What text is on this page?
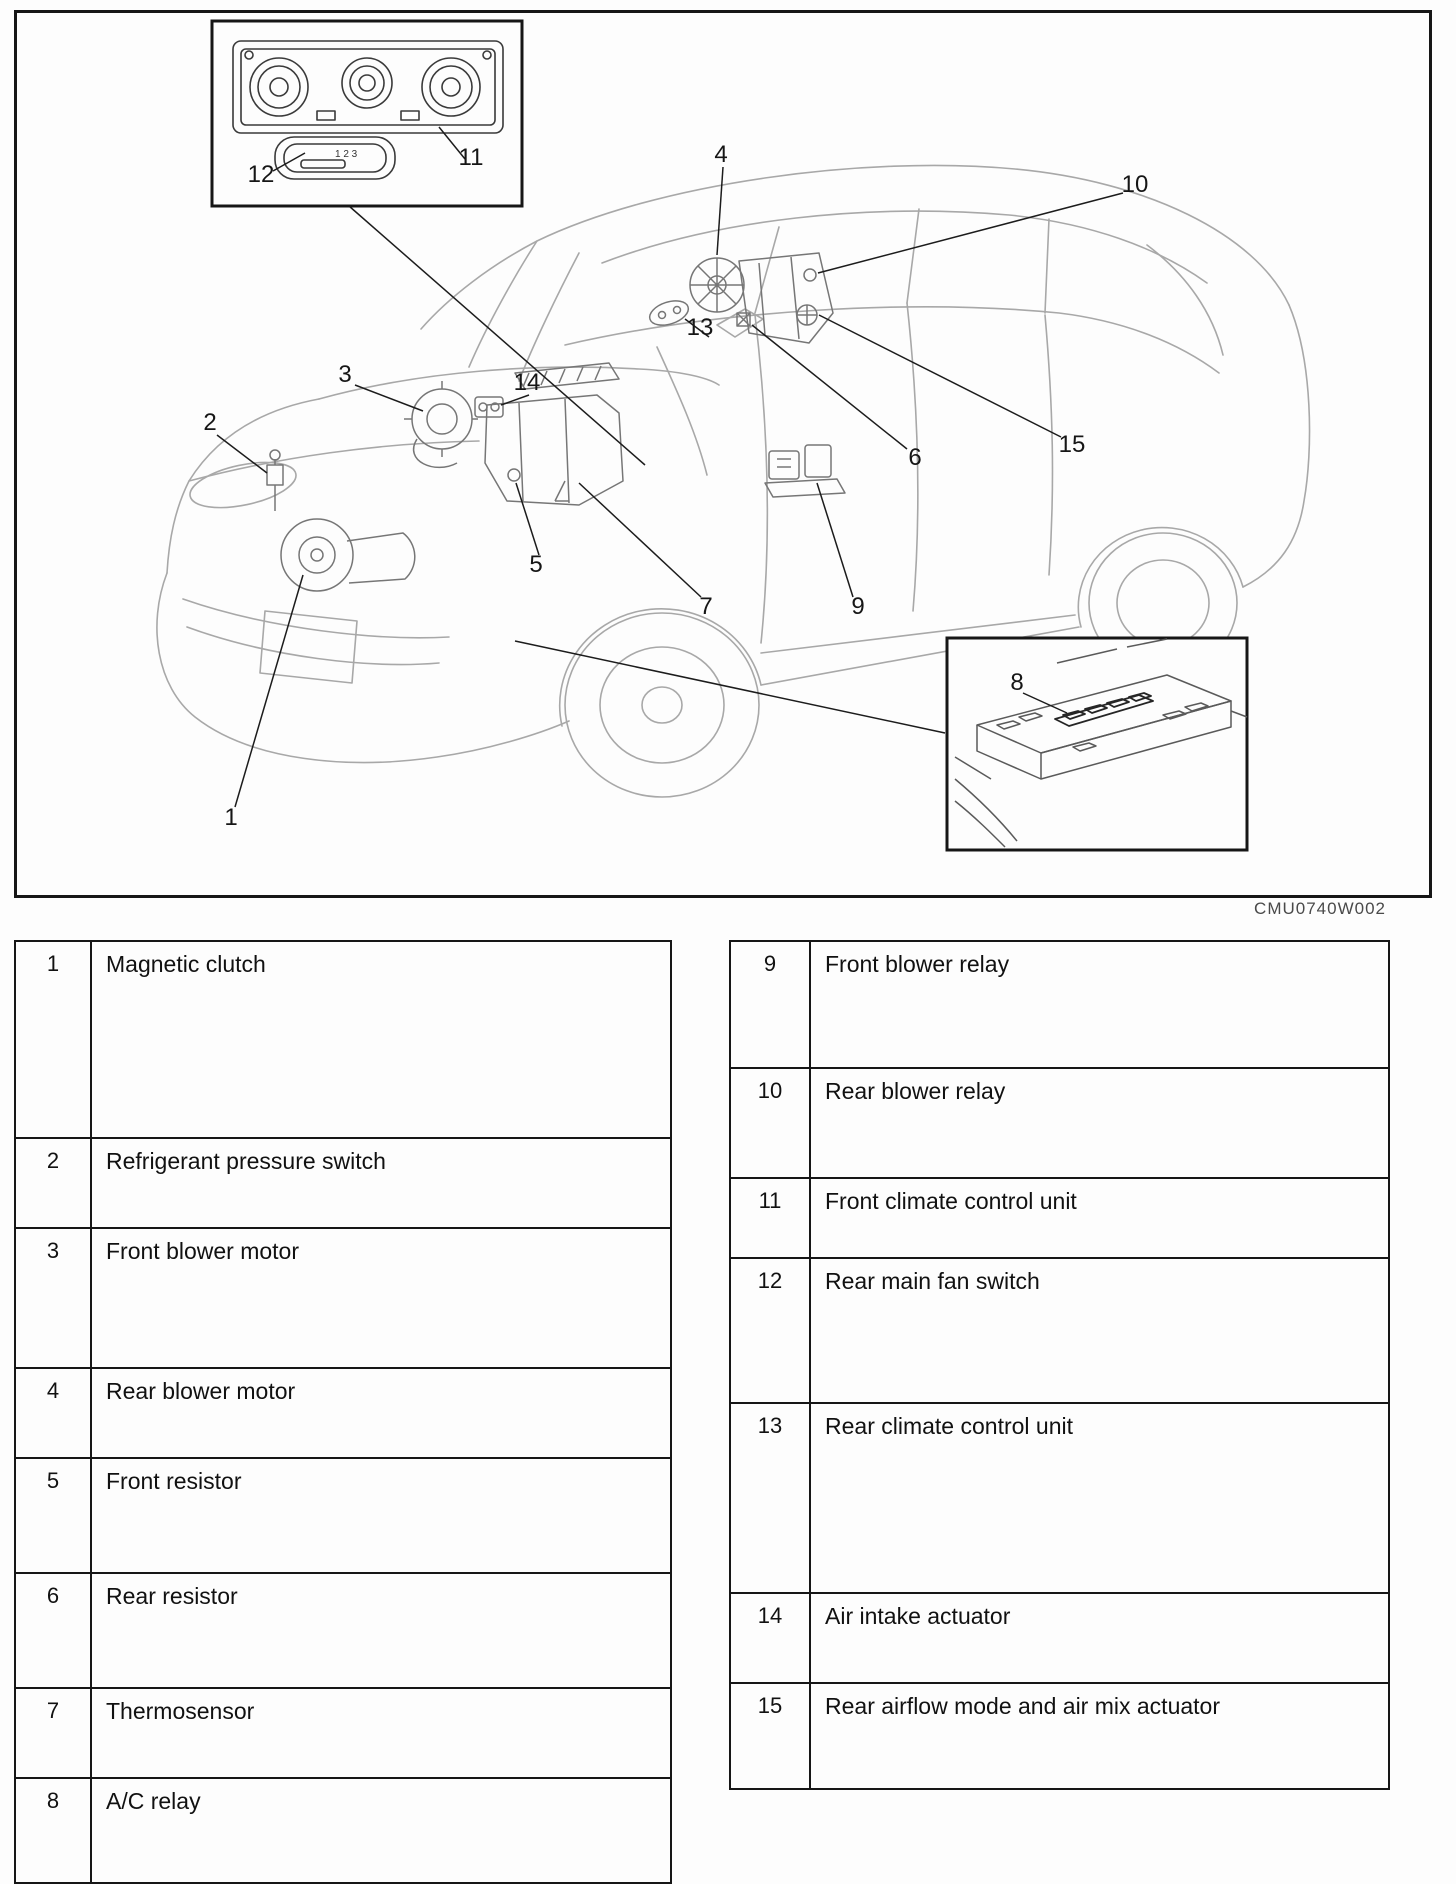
1 2 3
1
2
3
4
5
6
7
8
9
10
11
12
13
14
15
CMU0740W002
1	Magnetic clutch
2	Refrigerant pressure switch
3	Front blower motor
4	Rear blower motor
5	Front resistor
6	Rear resistor
7	Thermosensor
8	A/C relay
9	Front blower relay
10	Rear blower relay
11	Front climate control unit
12	Rear main fan switch
13	Rear climate control unit
14	Air intake actuator
15	Rear airflow mode and air mix actuator
